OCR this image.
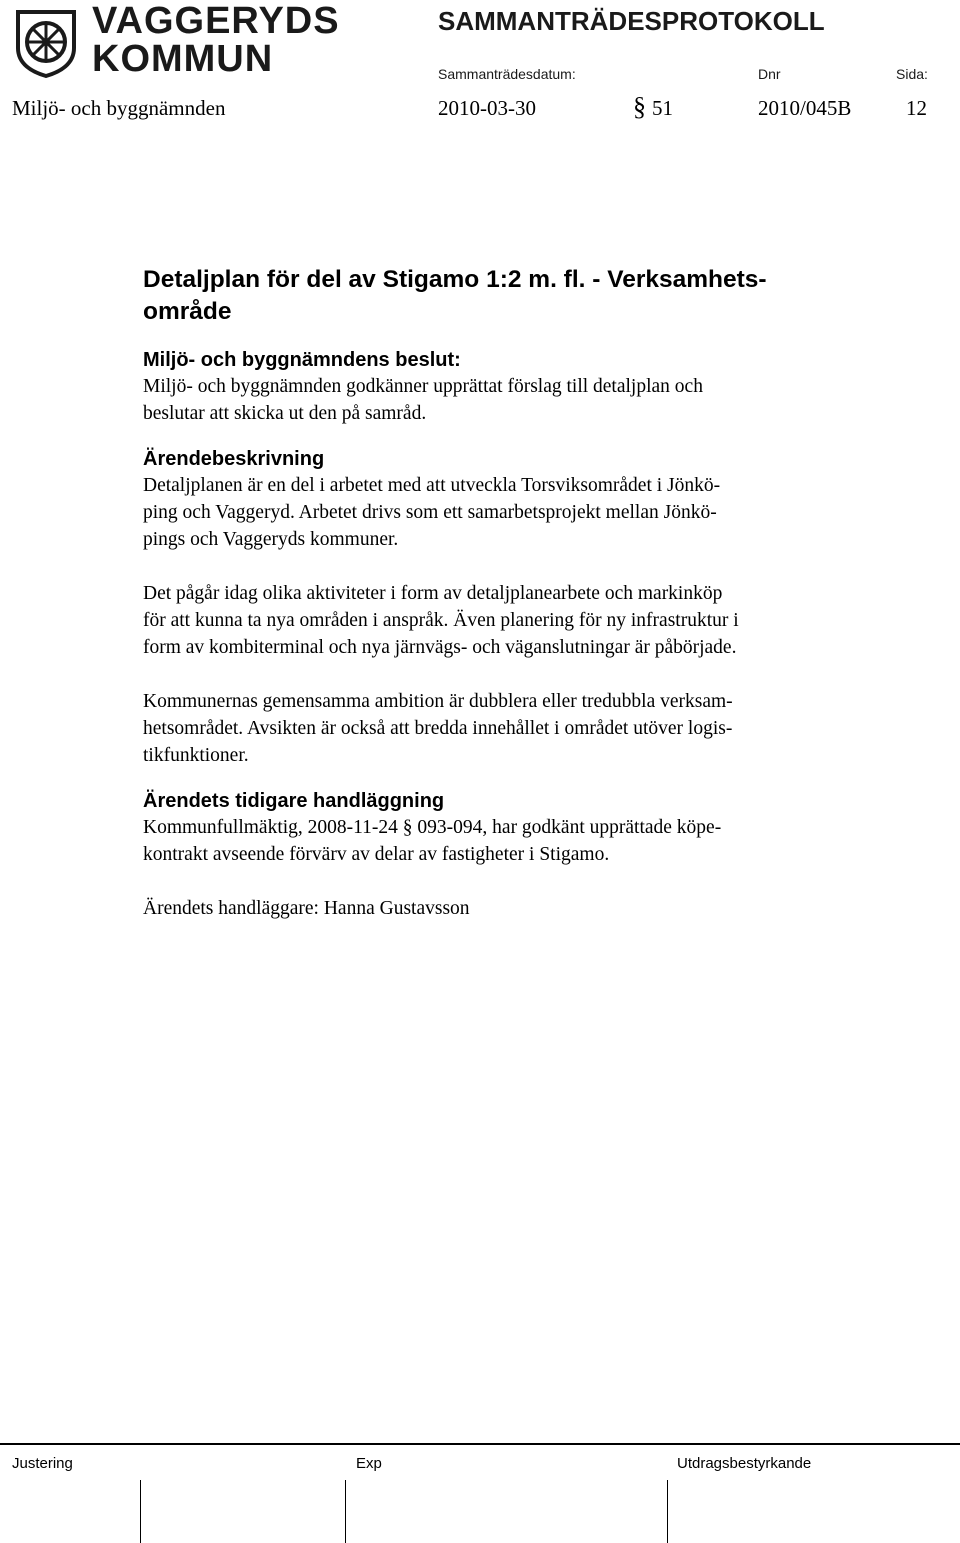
VAGGERYDS
KOMMUN
SAMMANTRÄDESPROTOKOLL
Sammanträdesdatum:	Dnr	Sida:
Miljö- och byggnämnden	2010-03-30	§ 51	2010/045B	12
Detaljplan för del av Stigamo 1:2 m. fl. - Verksamhets-
område
Miljö- och byggnämndens beslut:
Miljö- och byggnämnden godkänner upprättat förslag till detaljplan och
beslutar att skicka ut den på samråd.
Ärendebeskrivning
Detaljplanen är en del i arbetet med att utveckla Torsviksområdet i Jönkö-
ping och Vaggeryd. Arbetet drivs som ett samarbetsprojekt mellan Jönkö-
pings och Vaggeryds kommuner.
Det pågår idag olika aktiviteter i form av detaljplanearbete och markinköp
för att kunna ta nya områden i anspråk. Även planering för ny infrastruktur i
form av kombiterminal och nya järnvägs- och väganslutningar är påbörjade.
Kommunernas gemensamma ambition är dubblera eller tredubbla verksam-
hetsområdet. Avsikten är också att bredda innehållet i området utöver logis-
tikfunktioner.
Ärendets tidigare handläggning
Kommunfullmäktig, 2008-11-24 § 093-094, har godkänt upprättade köpe-
kontrakt avseende förvärv av delar av fastigheter i Stigamo.
Ärendets handläggare: Hanna Gustavsson
Justering	Exp	Utdragsbestyrkande
